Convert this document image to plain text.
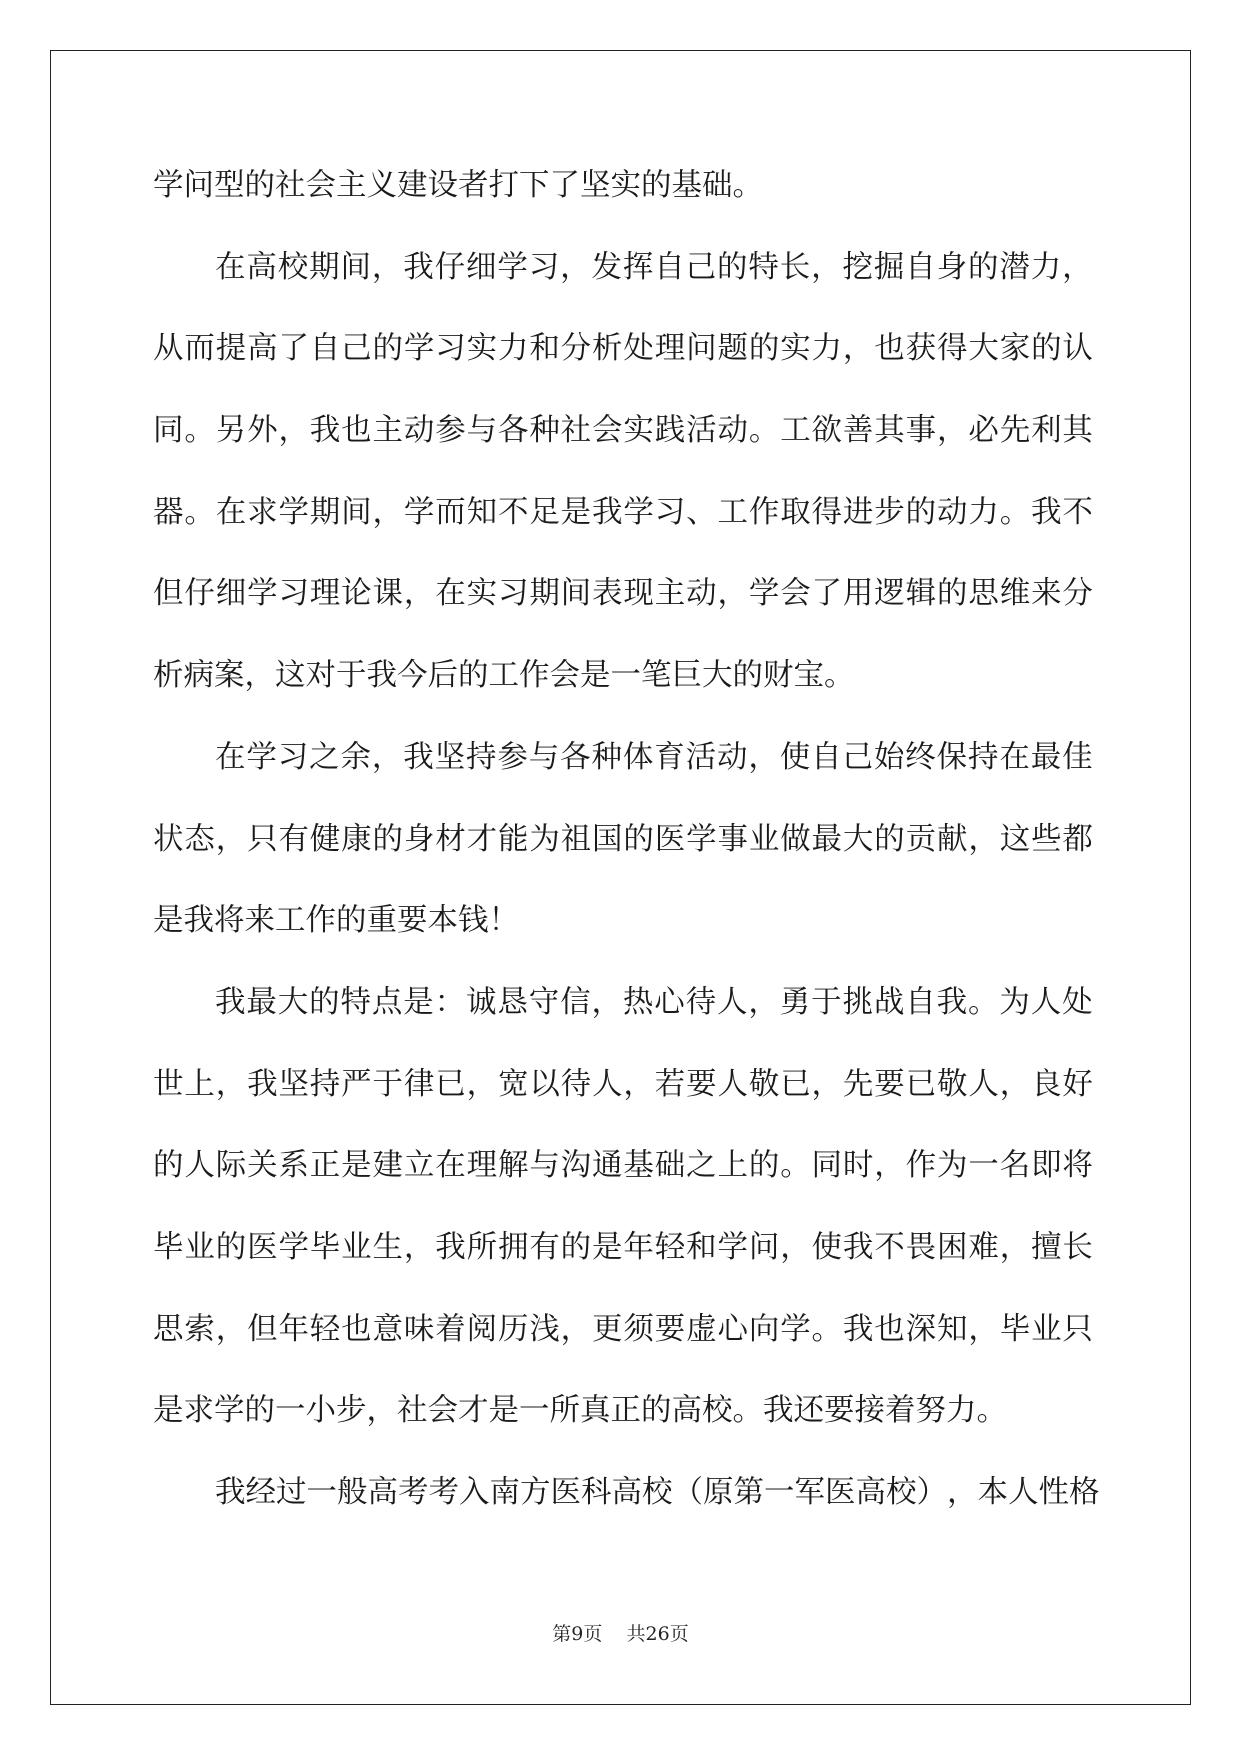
学问型的社会主义建设者打下了坚实的基础。
在 高 校 期 间 ， 我 仔 细 学 习 ， 发 挥 自 己 的 特 长 ， 挖 掘 自 身 的 潜 力 ，
从 而 提 高 了 自 己 的 学 习 实 力 和 分 析 处 理 问 题 的 实 力 ， 也 获 得 大 家 的 认
同 。 另 外 ， 我 也 主 动 参 与 各 种 社 会 实 践 活 动 。 工 欲 善 其 事 ， 必 先 利 其
器 。 在 求 学 期 间 ， 学 而 知 不 足 是 我 学 习 、 工 作 取 得 进 步 的 动 力 。 我 不
但 仔 细 学 习 理 论 课 ， 在 实 习 期 间 表 现 主 动 ， 学 会 了 用 逻 辑 的 思 维 来 分
析病案，这对于我今后的工作会是一笔巨大的财宝。
在 学 习 之 余 ， 我 坚 持 参 与 各 种 体 育 活 动 ， 使 自 己 始 终 保 持 在 最 佳
状 态 ， 只 有 健 康 的 身 材 才 能 为 祖 国 的 医 学 事 业 做 最 大 的 贡 献 ， 这 些 都
是我将来工作的重要本钱！
我 最 大 的 特 点 是 ： 诚 恳 守 信 ， 热 心 待 人 ， 勇 于 挑 战 自 我 。 为 人 处
世 上 ， 我 坚 持 严 于 律 已 ， 宽 以 待 人 ， 若 要 人 敬 已 ， 先 要 已 敬 人 ， 良 好
的 人 际 关 系 正 是 建 立 在 理 解 与 沟 通 基 础 之 上 的 。 同 时 ， 作 为 一 名 即 将
毕 业 的 医 学 毕 业 生 ， 我 所 拥 有 的 是 年 轻 和 学 问 ， 使 我 不 畏 困 难 ， 擅 长
思 索 ， 但 年 轻 也 意 味 着 阅 历 浅 ， 更 须 要 虚 心 向 学 。 我 也 深 知 ， 毕 业 只
是求学的一小步，社会才是一所真正的高校。我还要接着努力。
我 经 过 一 般 高 考 考 入 南 方 医 科 高 校 （ 原 第 一 军 医 高 校 ） ， 本 人 性 格
第9页 共26页
